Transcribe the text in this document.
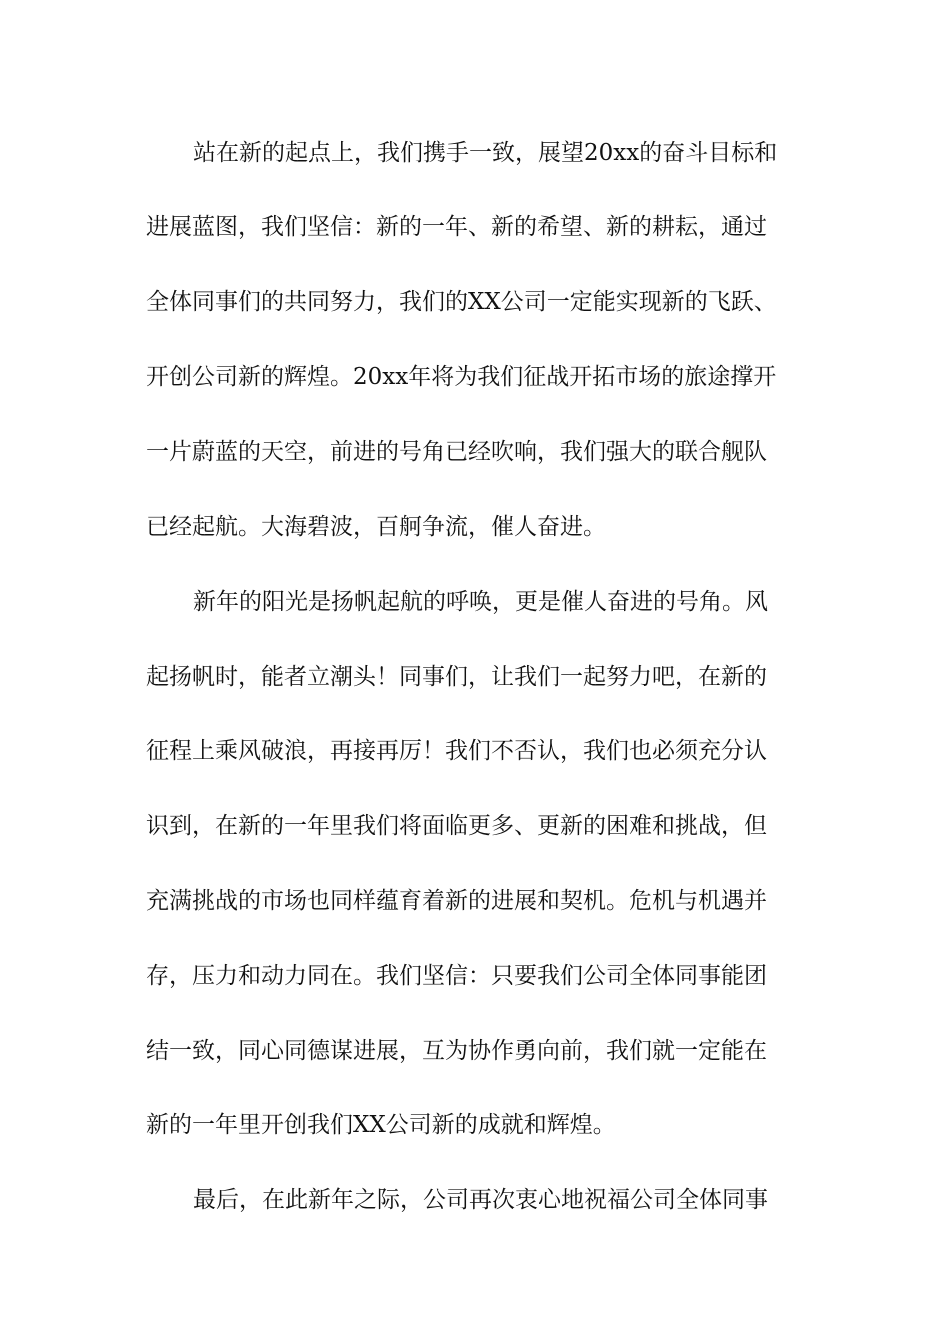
站在新的起点上，我们携手一致，展望20xx的奋斗目标和
进展蓝图，我们坚信：新的一年、新的希望、新的耕耘，通过
全体同事们的共同努力，我们的XX公司一定能实现新的飞跃、
开创公司新的辉煌。20xx年将为我们征战开拓市场的旅途撑开
一片蔚蓝的天空，前进的号角已经吹响，我们强大的联合舰队
已经起航。大海碧波，百舸争流，催人奋进。
新年的阳光是扬帆起航的呼唤，更是催人奋进的号角。风
起扬帆时，能者立潮头！同事们，让我们一起努力吧，在新的
征程上乘风破浪，再接再厉！我们不否认，我们也必须充分认
识到，在新的一年里我们将面临更多、更新的困难和挑战，但
充满挑战的市场也同样蕴育着新的进展和契机。危机与机遇并
存，压力和动力同在。我们坚信：只要我们公司全体同事能团
结一致，同心同德谋进展，互为协作勇向前，我们就一定能在
新的一年里开创我们XX公司新的成就和辉煌。
最后，在此新年之际，公司再次衷心地祝福公司全体同事
